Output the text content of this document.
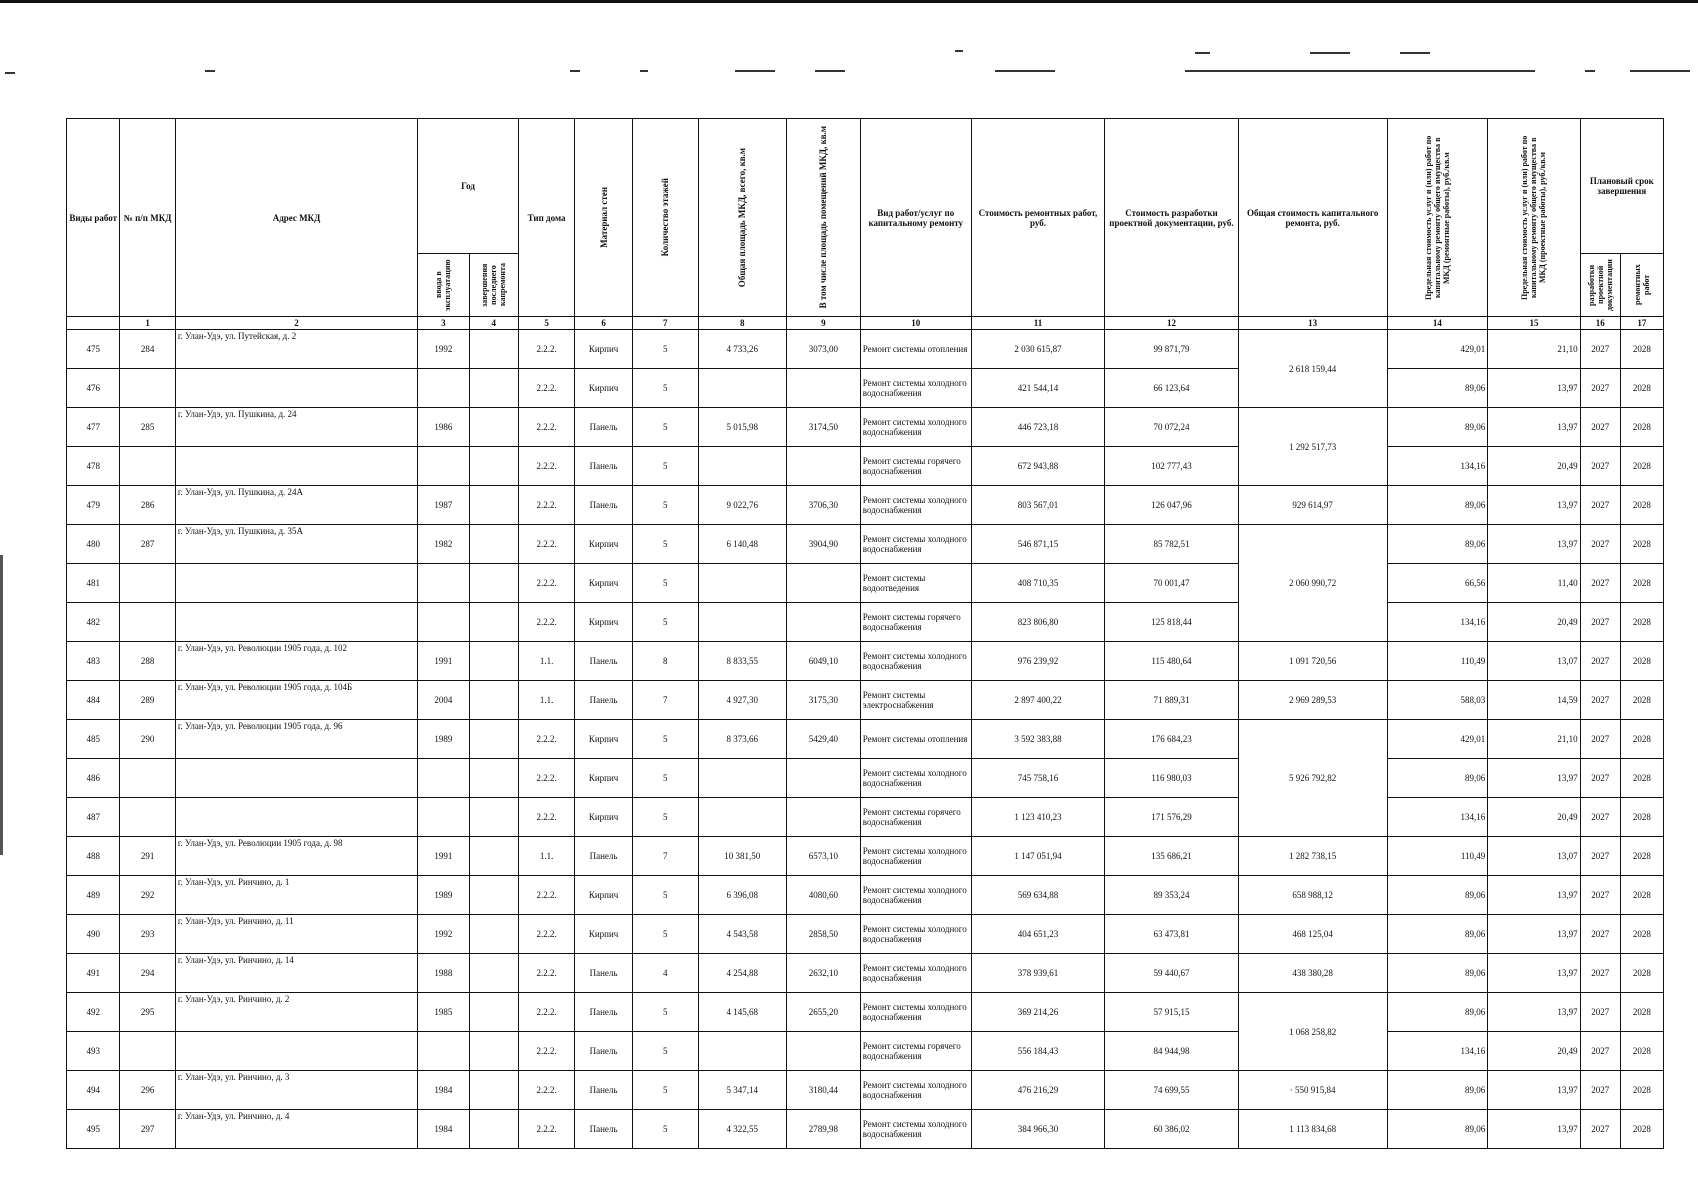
Виды работ	№ п/п МКД	Адрес МКД	Год		Тип дома	Материал стен	Количество этажей	Общая площадь МКД, всего, кв.м	В том числе площадь помещений МКД, кв.м	Вид работ/услуг по капитальному ремонту	Стоимость ремонтных работ, руб.	Стоимость разработки проектной документации, руб.	Общая стоимость капитального ремонта, руб.	Предельная стоимость услуг и (или) работ по капитальному ремонту общего имущества в МКД (ремонтные работы), руб./кв.м	Предельная стоимость услуг и (или) работ по капитальному ремонту общего имущества в МКД (проектные работы), руб./кв.м	Плановый срок завершения	

			ввода в эксплуатацию	завершения последнего капремонта												разработки проектной документации	ремонтных работ

	1	2	3	4	5	6	7	8	9	10	11	12	13	14	15	16	17
475	284	г. Улан-Удэ, ул. Путейская, д. 2	1992		2.2.2.	Кирпич	5	4 733,26	3073,00	Ремонт системы отопления	2 030 615,87	99 871,79	2 618 159,44	429,01	21,10	2027	2028
476					2.2.2.	Кирпич	5			Ремонт системы холодного водоснабжения	421 544,14	66 123,64		89,06	13,97	2027	2028
477	285	г. Улан-Удэ, ул. Пушкина, д. 24	1986		2.2.2.	Панель	5	5 015,98	3174,50	Ремонт системы холодного водоснабжения	446 723,18	70 072,24	1 292 517,73	89,06	13,97	2027	2028
478					2.2.2.	Панель	5			Ремонт системы горячего водоснабжения	672 943,88	102 777,43		134,16	20,49	2027	2028
479	286	г. Улан-Удэ, ул. Пушкина, д. 24А	1987		2.2.2.	Панель	5	9 022,76	3706,30	Ремонт системы холодного водоснабжения	803 567,01	126 047,96	929 614,97	89,06	13,97	2027	2028
480	287	г. Улан-Удэ, ул. Пушкина, д. 35А	1982		2.2.2.	Кирпич	5	6 140,48	3904,90	Ремонт системы холодного водоснабжения	546 871,15	85 782,51	2 060 990,72	89,06	13,97	2027	2028
481					2.2.2.	Кирпич	5			Ремонт системы водоотведения	408 710,35	70 001,47		66,56	11,40	2027	2028
482					2.2.2.	Кирпич	5			Ремонт системы горячего водоснабжения	823 806,80	125 818,44		134,16	20,49	2027	2028
483	288	г. Улан-Удэ, ул. Революции 1905 года, д. 102	1991		1.1.	Панель	8	8 833,55	6049,10	Ремонт системы холодного водоснабжения	976 239,92	115 480,64	1 091 720,56	110,49	13,07	2027	2028
484	289	г. Улан-Удэ, ул. Революции 1905 года, д. 104Б	2004		1.1.	Панель	7	4 927,30	3175,30	Ремонт системы электроснабжения	2 897 400,22	71 889,31	2 969 289,53	588,03	14,59	2027	2028
485	290	г. Улан-Удэ, ул. Революции 1905 года, д. 96	1989		2.2.2.	Кирпич	5	8 373,66	5429,40	Ремонт системы отопления	3 592 383,88	176 684,23	5 926 792,82	429,01	21,10	2027	2028
486					2.2.2.	Кирпич	5			Ремонт системы холодного водоснабжения	745 758,16	116 980,03		89,06	13,97	2027	2028
487					2.2.2.	Кирпич	5			Ремонт системы горячего водоснабжения	1 123 410,23	171 576,29		134,16	20,49	2027	2028
488	291	г. Улан-Удэ, ул. Революции 1905 года, д. 98	1991		1.1.	Панель	7	10 381,50	6573,10	Ремонт системы холодного водоснабжения	1 147 051,94	135 686,21	1 282 738,15	110,49	13,07	2027	2028
489	292	г. Улан-Удэ, ул. Ринчино, д. 1	1989		2.2.2.	Кирпич	5	6 396,08	4080,60	Ремонт системы холодного водоснабжения	569 634,88	89 353,24	658 988,12	89,06	13,97	2027	2028
490	293	г. Улан-Удэ, ул. Ринчино, д. 11	1992		2.2.2.	Кирпич	5	4 543,58	2858,50	Ремонт системы холодного водоснабжения	404 651,23	63 473,81	468 125,04	89,06	13,97	2027	2028
491	294	г. Улан-Удэ, ул. Ринчино, д. 14	1988		2.2.2.	Панель	4	4 254,88	2632,10	Ремонт системы холодного водоснабжения	378 939,61	59 440,67	438 380,28	89,06	13,97	2027	2028
492	295	г. Улан-Удэ, ул. Ринчино, д. 2	1985		2.2.2.	Панель	5	4 145,68	2655,20	Ремонт системы холодного водоснабжения	369 214,26	57 915,15	1 068 258,82	89,06	13,97	2027	2028
493					2.2.2.	Панель	5			Ремонт системы горячего водоснабжения	556 184,43	84 944,98		134,16	20,49	2027	2028
494	296	г. Улан-Удэ, ул. Ринчино, д. 3	1984		2.2.2.	Панель	5	5 347,14	3180,44	Ремонт системы холодного водоснабжения	476 216,29	74 699,55	· 550 915,84	89,06	13,97	2027	2028
495	297	г. Улан-Удэ, ул. Ринчино, д. 4	1984		2.2.2.	Панель	5	4 322,55	2789,98	Ремонт системы холодного водоснабжения	384 966,30	60 386,02	1 113 834,68	89,06	13,97	2027	2028
